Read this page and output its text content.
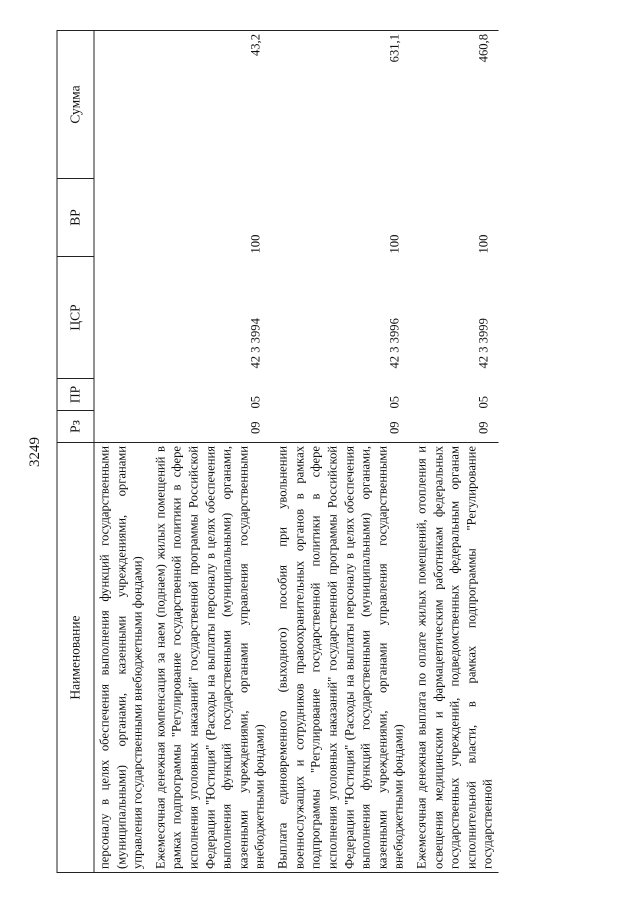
3249
Наименование	Рз	ПР	ЦСР	ВР	Сумма
персоналу в целях обеспечения выполнения функций государственными (муниципальными) органами, казенными учреждениями, органами управления государственными внебюджетными фондами)					
Ежемесячная денежная компенсация за наем (поднаем) жилых помещений в рамках подпрограммы "Регулирование государственной политики в сфере исполнения уголовных наказаний" государственной программы Российской Федерации "Юстиция" (Расходы на выплаты персоналу в целях обеспечения выполнения функций государственными (муниципальными) органами, казенными учреждениями, органами управления государственными внебюджетными фондами)	09	05	42 3 3994	100	43,2
Выплата единовременного (выходного) пособия при увольнении военнослужащих и сотрудников правоохранительных органов в рамках подпрограммы "Регулирование государственной политики в сфере исполнения уголовных наказаний" государственной программы Российской Федерации "Юстиция" (Расходы на выплаты персоналу в целях обеспечения выполнения функций государственными (муниципальными) органами, казенными учреждениями, органами управления государственными внебюджетными фондами)	09	05	42 3 3996	100	631,1
Ежемесячная денежная выплата по оплате жилых помещений, отопления и освещения медицинским и фармацевтическим работникам федеральных государственных учреждений, подведомственных федеральным органам исполнительной власти, в рамках подпрограммы "Регулирование государственной	09	05	42 3 3999	100	460,8
